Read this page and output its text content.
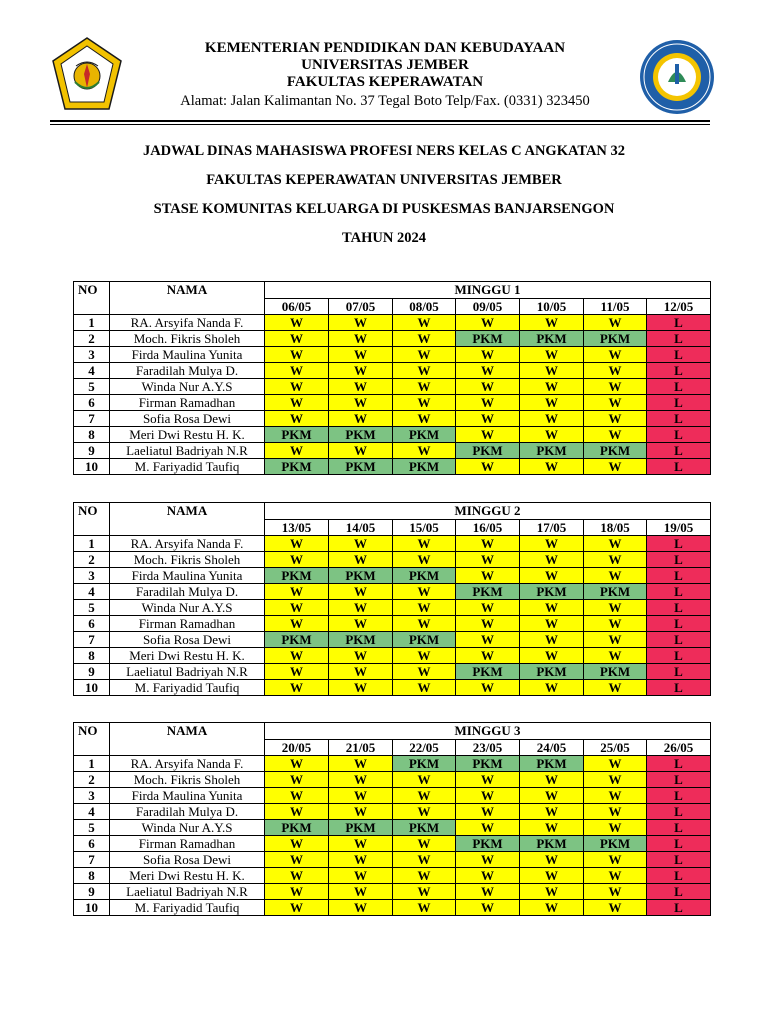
KEMENTERIAN PENDIDIKAN DAN KEBUDAYAAN
UNIVERSITAS JEMBER
FAKULTAS KEPERAWATAN
Alamat: Jalan Kalimantan No. 37 Tegal Boto Telp/Fax. (0331) 323450
JADWAL DINAS MAHASISWA PROFESI NERS KELAS C ANGKATAN 32
FAKULTAS KEPERAWATAN UNIVERSITAS JEMBER
STASE KOMUNITAS KELUARGA DI PUSKESMAS BANJARSENGON
TAHUN 2024
NO	NAMA	MINGGU 1						
		06/05	07/05	08/05	09/05	10/05	11/05	12/05
1	RA. Arsyifa Nanda F.	W	W	W	W	W	W	L
2	Moch. Fikris Sholeh	W	W	W	PKM	PKM	PKM	L
3	Firda Maulina Yunita	W	W	W	W	W	W	L
4	Faradilah Mulya D.	W	W	W	W	W	W	L
5	Winda Nur A.Y.S	W	W	W	W	W	W	L
6	Firman Ramadhan	W	W	W	W	W	W	L
7	Sofia Rosa Dewi	W	W	W	W	W	W	L
8	Meri Dwi Restu H. K.	PKM	PKM	PKM	W	W	W	L
9	Laeliatul Badriyah N.R	W	W	W	PKM	PKM	PKM	L
10	M. Fariyadid Taufiq	PKM	PKM	PKM	W	W	W	L
NO	NAMA	MINGGU 2						
		13/05	14/05	15/05	16/05	17/05	18/05	19/05
1	RA. Arsyifa Nanda F.	W	W	W	W	W	W	L
2	Moch. Fikris Sholeh	W	W	W	W	W	W	L
3	Firda Maulina Yunita	PKM	PKM	PKM	W	W	W	L
4	Faradilah Mulya D.	W	W	W	PKM	PKM	PKM	L
5	Winda Nur A.Y.S	W	W	W	W	W	W	L
6	Firman Ramadhan	W	W	W	W	W	W	L
7	Sofia Rosa Dewi	PKM	PKM	PKM	W	W	W	L
8	Meri Dwi Restu H. K.	W	W	W	W	W	W	L
9	Laeliatul Badriyah N.R	W	W	W	PKM	PKM	PKM	L
10	M. Fariyadid Taufiq	W	W	W	W	W	W	L
NO	NAMA	MINGGU 3						
		20/05	21/05	22/05	23/05	24/05	25/05	26/05
1	RA. Arsyifa Nanda F.	W	W	PKM	PKM	PKM	W	L
2	Moch. Fikris Sholeh	W	W	W	W	W	W	L
3	Firda Maulina Yunita	W	W	W	W	W	W	L
4	Faradilah Mulya D.	W	W	W	W	W	W	L
5	Winda Nur A.Y.S	PKM	PKM	PKM	W	W	W	L
6	Firman Ramadhan	W	W	W	PKM	PKM	PKM	L
7	Sofia Rosa Dewi	W	W	W	W	W	W	L
8	Meri Dwi Restu H. K.	W	W	W	W	W	W	L
9	Laeliatul Badriyah N.R	W	W	W	W	W	W	L
10	M. Fariyadid Taufiq	W	W	W	W	W	W	L
